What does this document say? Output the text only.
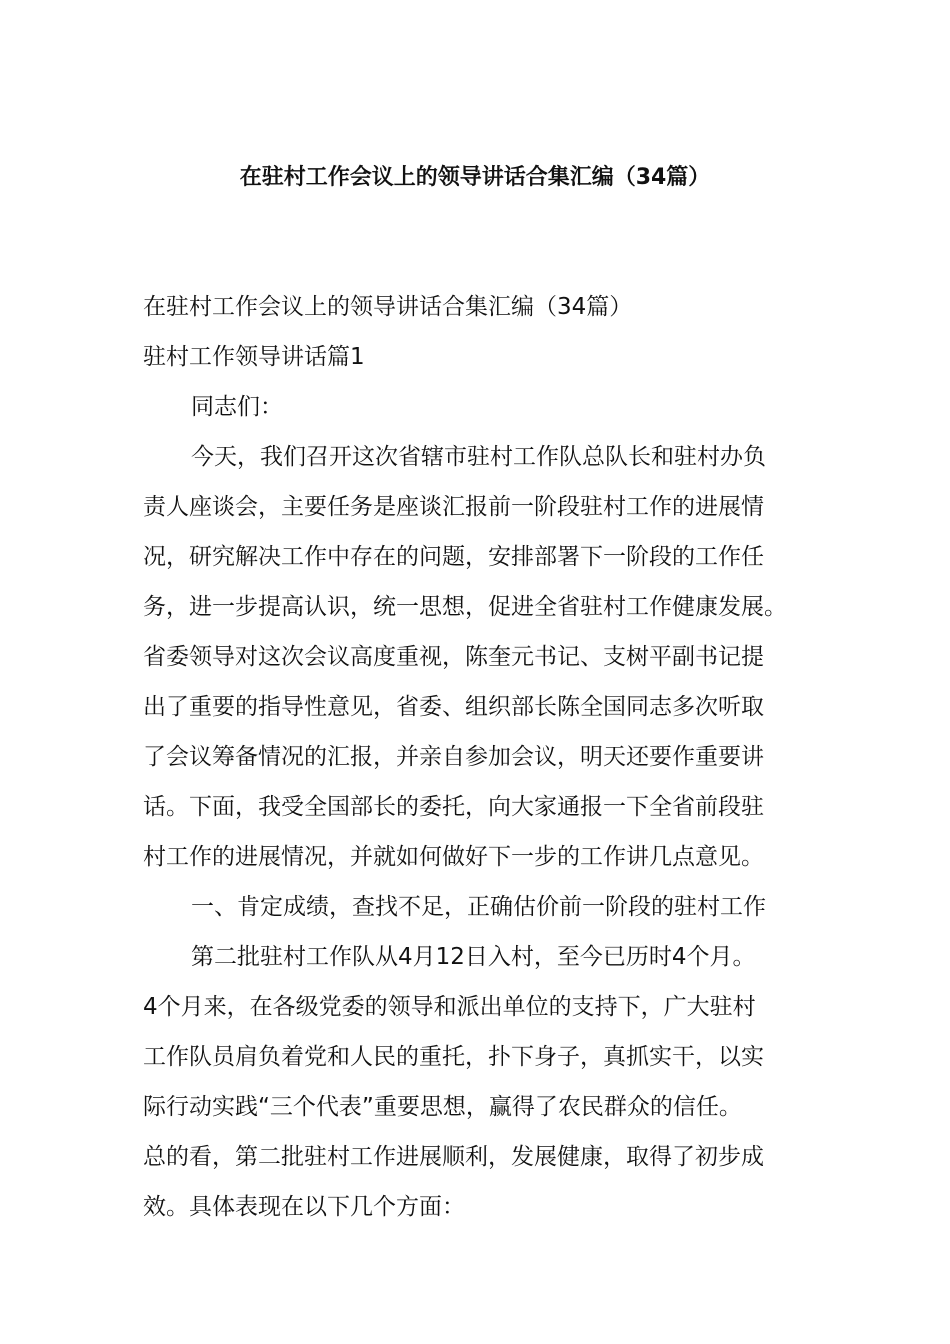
在驻村工作会议上的领导讲话合集汇编（34篇）

在驻村工作会议上的领导讲话合集汇编（34篇）

驻村工作领导讲话篇1

同志们：

今天，我们召开这次省辖市驻村工作队总队长和驻村办负

责人座谈会，主要任务是座谈汇报前一阶段驻村工作的进展情

况，研究解决工作中存在的问题，安排部署下一阶段的工作任

务，进一步提高认识，统一思想，促进全省驻村工作健康发展。

省委领导对这次会议高度重视，陈奎元书记、支树平副书记提

出了重要的指导性意见，省委、组织部长陈全国同志多次听取

了会议筹备情况的汇报，并亲自参加会议，明天还要作重要讲

话。下面，我受全国部长的委托，向大家通报一下全省前段驻

村工作的进展情况，并就如何做好下一步的工作讲几点意见。

一、肯定成绩，查找不足，正确估价前一阶段的驻村工作

第二批驻村工作队从4月12日入村，至今已历时4个月。

4个月来，在各级党委的领导和派出单位的支持下，广大驻村

工作队员肩负着党和人民的重托，扑下身子，真抓实干，以实

际行动实践“三个代表”重要思想，赢得了农民群众的信任。

总的看，第二批驻村工作进展顺利，发展健康，取得了初步成

效。具体表现在以下几个方面：
